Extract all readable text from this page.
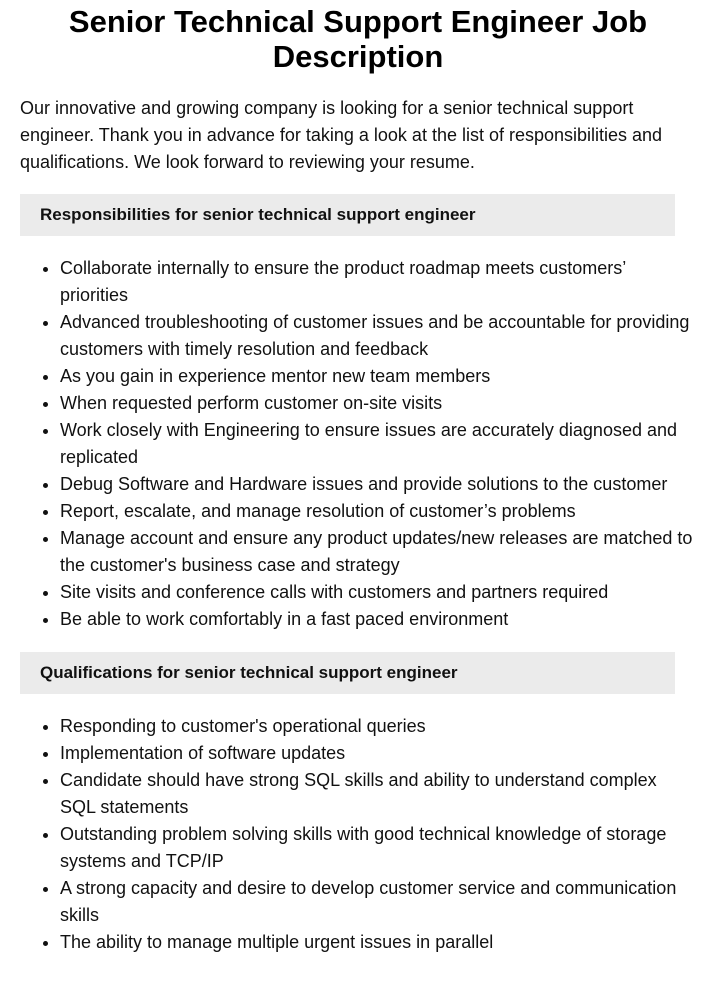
Senior Technical Support Engineer Job Description

Our innovative and growing company is looking for a senior technical support engineer. Thank you in advance for taking a look at the list of responsibilities and qualifications. We look forward to reviewing your resume.

Responsibilities for senior technical support engineer
• Collaborate internally to ensure the product roadmap meets customers’ priorities
• Advanced troubleshooting of customer issues and be accountable for providing customers with timely resolution and feedback
• As you gain in experience mentor new team members
• When requested perform customer on-site visits
• Work closely with Engineering to ensure issues are accurately diagnosed and replicated
• Debug Software and Hardware issues and provide solutions to the customer
• Report, escalate, and manage resolution of customer’s problems
• Manage account and ensure any product updates/new releases are matched to the customer's business case and strategy
• Site visits and conference calls with customers and partners required
• Be able to work comfortably in a fast paced environment
Qualifications for senior technical support engineer
• Responding to customer's operational queries
• Implementation of software updates
• Candidate should have strong SQL skills and ability to understand complex SQL statements
• Outstanding problem solving skills with good technical knowledge of storage systems and TCP/IP
• A strong capacity and desire to develop customer service and communication skills
• The ability to manage multiple urgent issues in parallel
